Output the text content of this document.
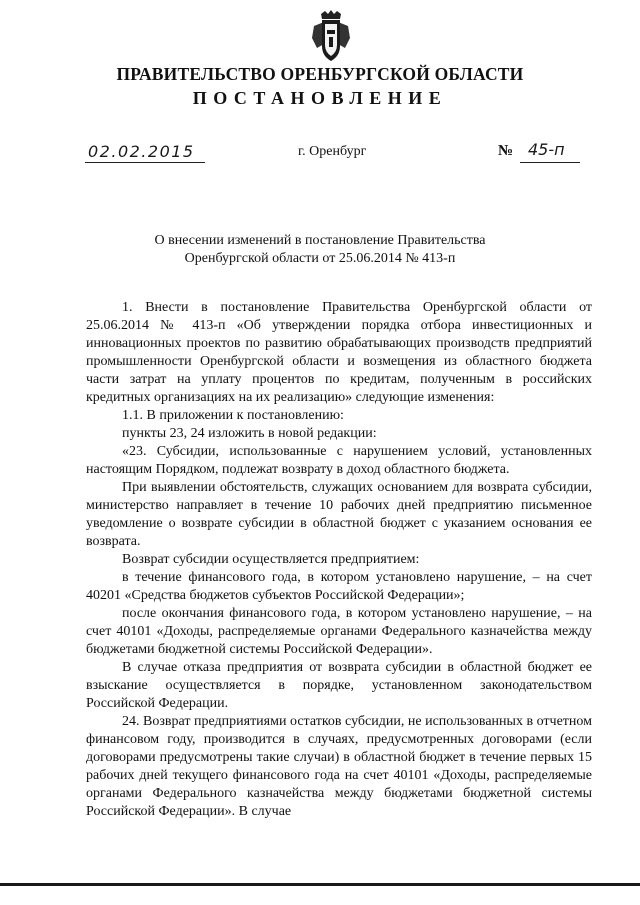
ПРАВИТЕЛЬСТВО ОРЕНБУРГСКОЙ ОБЛАСТИ
ПОСТАНОВЛЕНИЕ
02.02.2015	г. Оренбург	№ 45-п
О внесении изменений в постановление Правительства
Оренбургской области от 25.06.2014 № 413-п

1. Внести в постановление Правительства Оренбургской области от 25.06.2014 № 413-п «Об утверждении порядка отбора инвестиционных и инновационных проектов по развитию обрабатывающих производств предприятий промышленности Оренбургской области и возмещения из областного бюджета части затрат на уплату процентов по кредитам, полученным в российских кредитных организациях на их реализацию» следующие изменения:

1.1. В приложении к постановлению:

пункты 23, 24 изложить в новой редакции:

«23. Субсидии, использованные с нарушением условий, установленных настоящим Порядком, подлежат возврату в доход областного бюджета.

При выявлении обстоятельств, служащих основанием для возврата субсидии, министерство направляет в течение 10 рабочих дней предприятию письменное уведомление о возврате субсидии в областной бюджет с указанием основания ее возврата.

Возврат субсидии осуществляется предприятием:

в течение финансового года, в котором установлено нарушение, – на счет 40201 «Средства бюджетов субъектов Российской Федерации»;

после окончания финансового года, в котором установлено нарушение, – на счет 40101 «Доходы, распределяемые органами Федерального казначейства между бюджетами бюджетной системы Российской Федерации».

В случае отказа предприятия от возврата субсидии в областной бюджет ее взыскание осуществляется в порядке, установленном законодательством Российской Федерации.

24. Возврат предприятиями остатков субсидии, не использованных в отчетном финансовом году, производится в случаях, предусмотренных договорами (если договорами предусмотрены такие случаи) в областной бюджет в течение первых 15 рабочих дней текущего финансового года на счет 40101 «Доходы, распределяемые органами Федерального казначейства между бюджетами бюджетной системы Российской Федерации». В случае
